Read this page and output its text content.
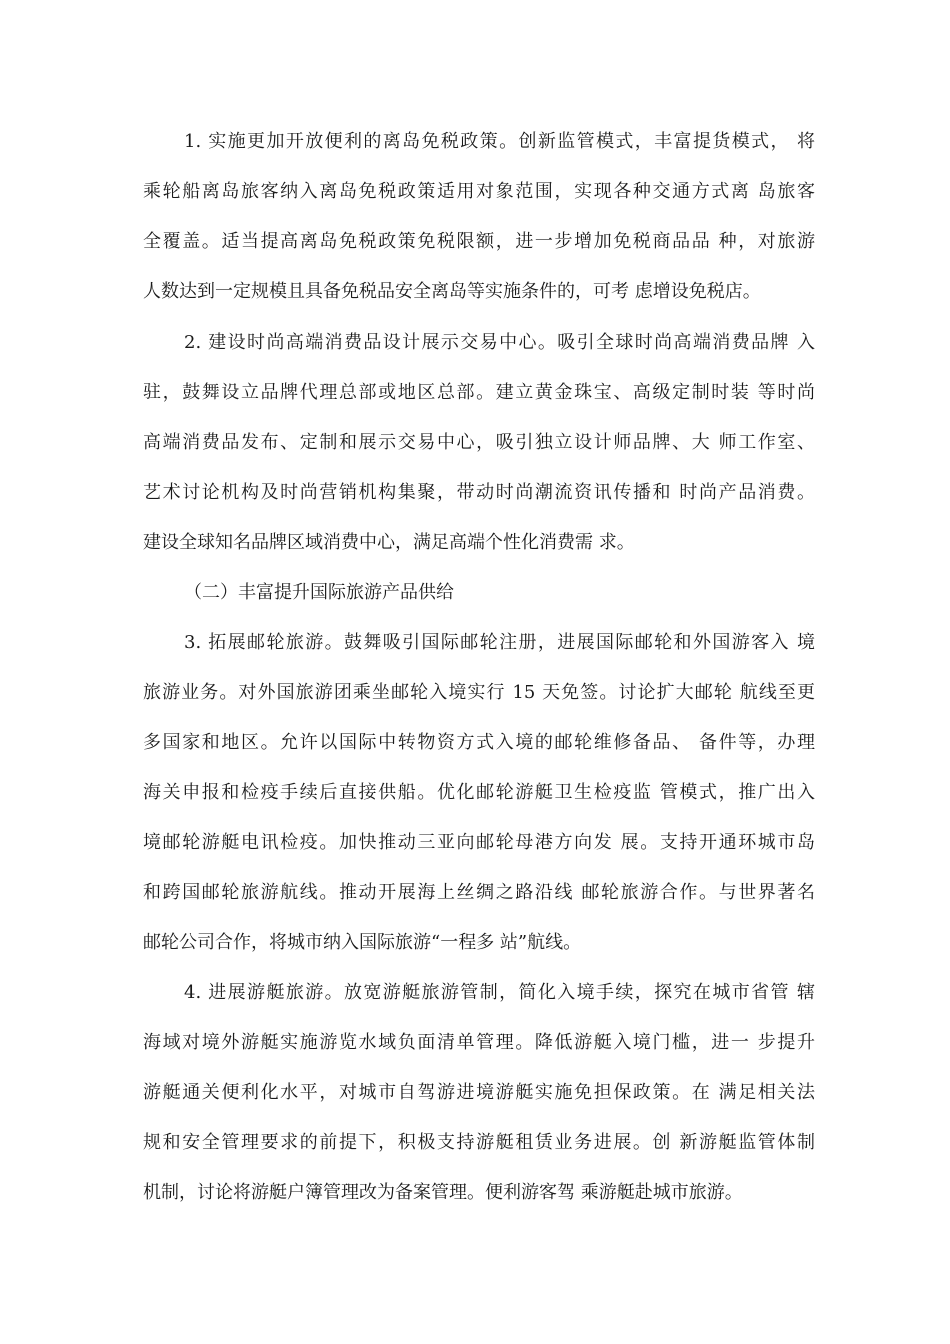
1. 实施更加开放便利的离岛免税政策。创新监管模式，丰富提货模式， 将
乘轮船离岛旅客纳入离岛免税政策适用对象范围，实现各种交通方式离 岛旅客
全覆盖。适当提高离岛免税政策免税限额，进一步增加免税商品品 种，对旅游
人数达到一定规模且具备免税品安全离岛等实施条件的，可考 虑增设免税店。
2. 建设时尚高端消费品设计展示交易中心。吸引全球时尚高端消费品牌 入
驻，鼓舞设立品牌代理总部或地区总部。建立黄金珠宝、高级定制时装 等时尚
高端消费品发布、定制和展示交易中心，吸引独立设计师品牌、大 师工作室、
艺术讨论机构及时尚营销机构集聚，带动时尚潮流资讯传播和 时尚产品消费。
建设全球知名品牌区域消费中心，满足高端个性化消费需 求。
（二）丰富提升国际旅游产品供给
3. 拓展邮轮旅游。鼓舞吸引国际邮轮注册，进展国际邮轮和外国游客入 境
旅游业务。对外国旅游团乘坐邮轮入境实行 15 天免签。讨论扩大邮轮 航线至更
多国家和地区。允许以国际中转物资方式入境的邮轮维修备品、 备件等，办理
海关申报和检疫手续后直接供船。优化邮轮游艇卫生检疫监 管模式，推广出入
境邮轮游艇电讯检疫。加快推动三亚向邮轮母港方向发 展。支持开通环城市岛
和跨国邮轮旅游航线。推动开展海上丝绸之路沿线 邮轮旅游合作。与世界著名
邮轮公司合作，将城市纳入国际旅游“一程多 站”航线。
4. 进展游艇旅游。放宽游艇旅游管制，简化入境手续，探究在城市省管 辖
海域对境外游艇实施游览水域负面清单管理。降低游艇入境门槛，进一 步提升
游艇通关便利化水平，对城市自驾游进境游艇实施免担保政策。在 满足相关法
规和安全管理要求的前提下，积极支持游艇租赁业务进展。创 新游艇监管体制
机制，讨论将游艇户簿管理改为备案管理。便利游客驾 乘游艇赴城市旅游。
